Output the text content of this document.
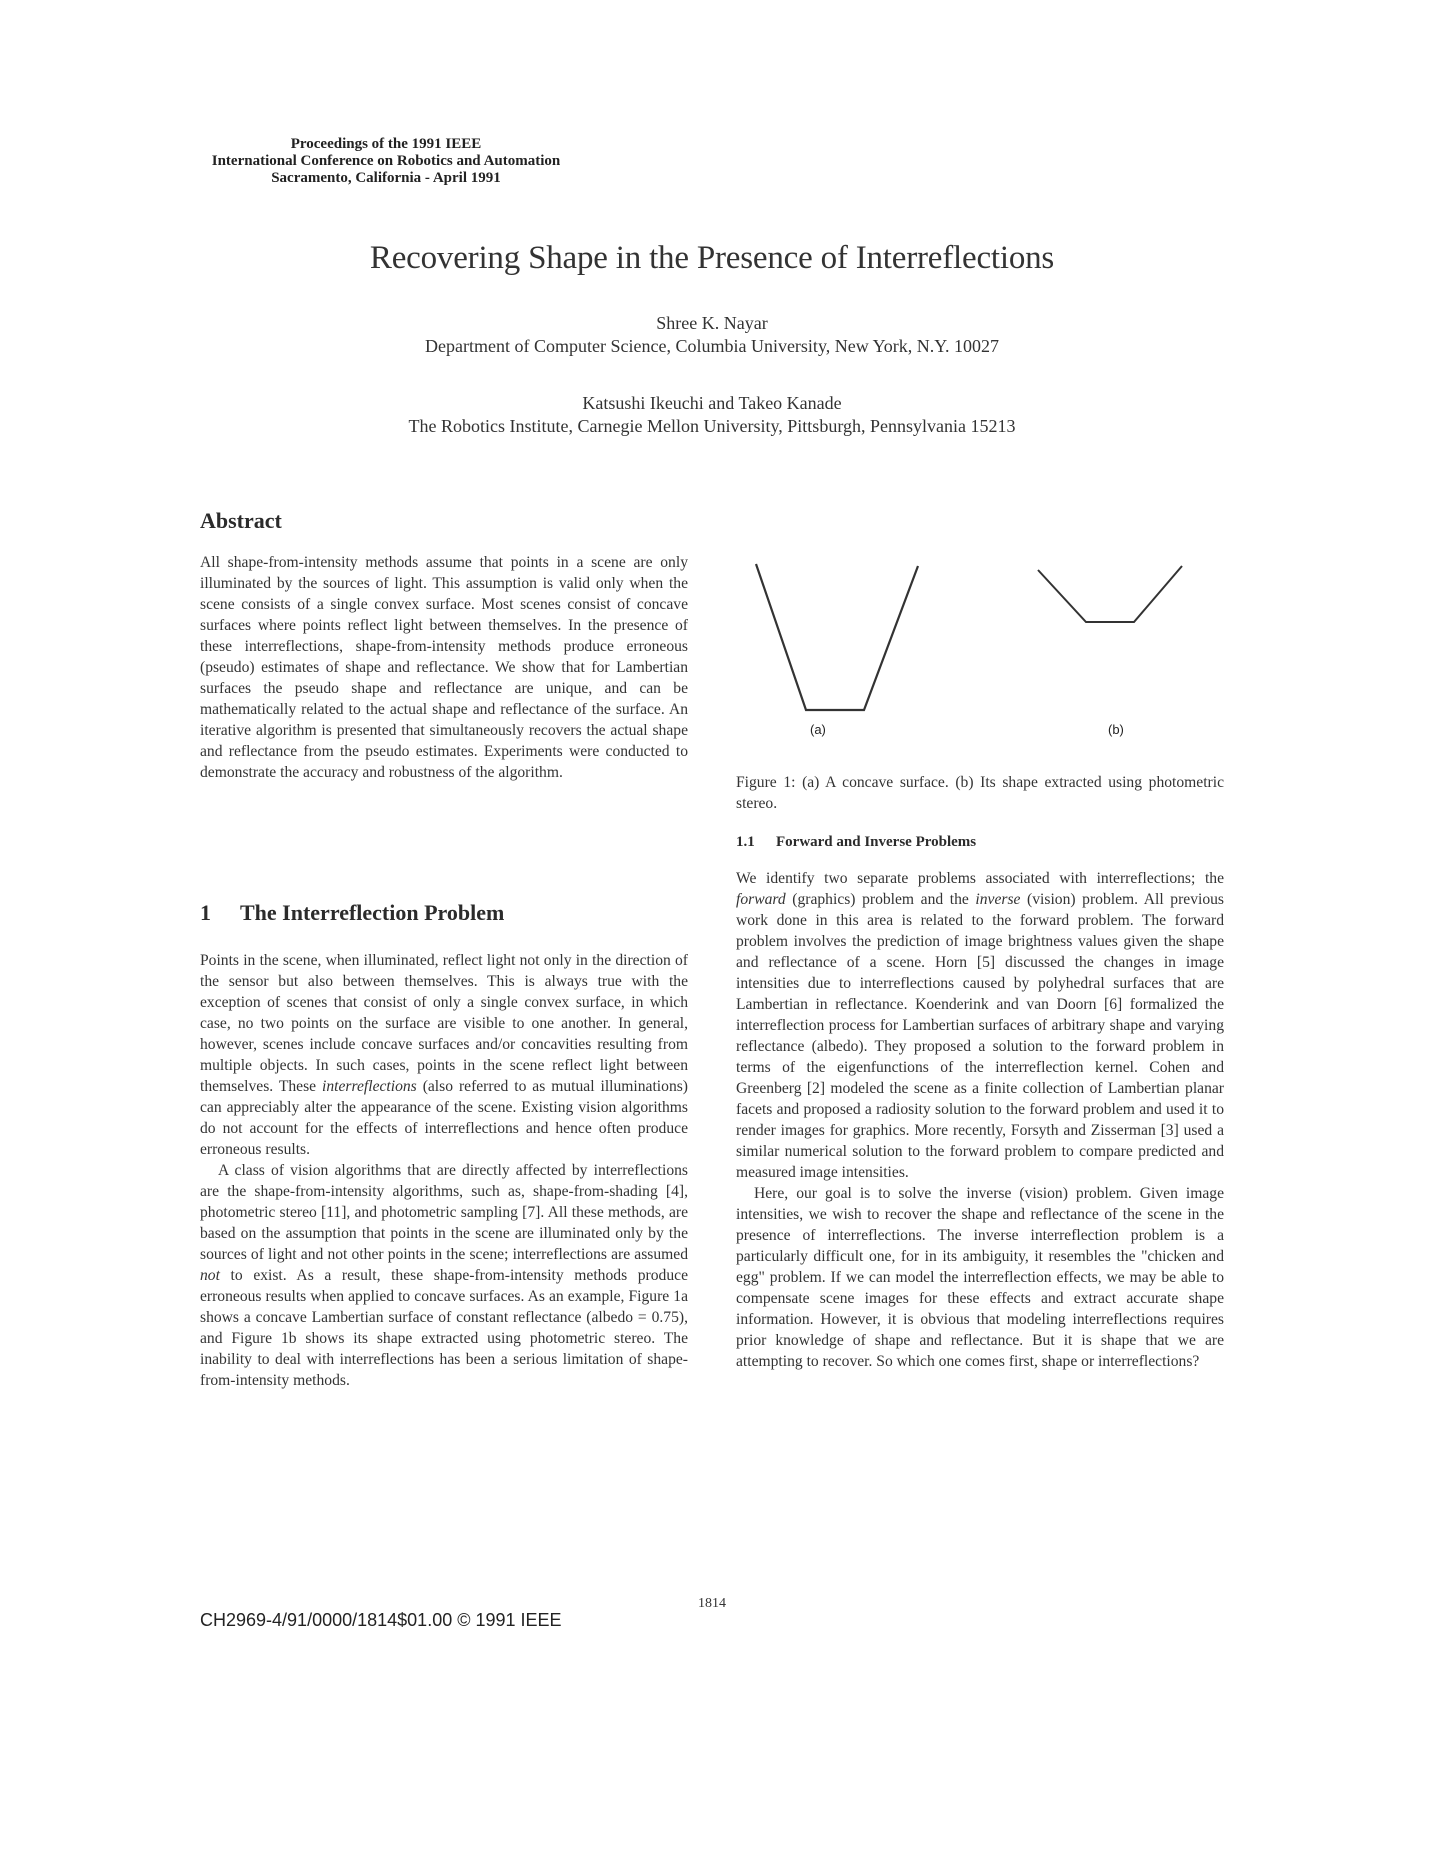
Proceedings of the 1991 IEEE
International Conference on Robotics and Automation
Sacramento, California - April 1991
Recovering Shape in the Presence of Interreflections
Shree K. Nayar
Department of Computer Science, Columbia University, New York, N.Y. 10027
Katsushi Ikeuchi and Takeo Kanade
The Robotics Institute, Carnegie Mellon University, Pittsburgh, Pennsylvania 15213
Abstract

All shape-from-intensity methods assume that points in a scene are only illuminated by the sources of light. This assumption is valid only when the scene consists of a single convex surface. Most scenes consist of concave surfaces where points reflect light between themselves. In the presence of these interreflections, shape-from-intensity methods produce erroneous (pseudo) estimates of shape and reflectance. We show that for Lambertian surfaces the pseudo shape and reflectance are unique, and can be mathematically related to the actual shape and reflectance of the surface. An iterative algorithm is presented that simultaneously recovers the actual shape and reflectance from the pseudo estimates. Experiments were conducted to demonstrate the accuracy and robustness of the algorithm.

1 The Interreflection Problem

Points in the scene, when illuminated, reflect light not only in the direction of the sensor but also between themselves. This is always true with the exception of scenes that consist of only a single convex surface, in which case, no two points on the surface are visible to one another. In general, however, scenes include concave surfaces and/or concavities resulting from multiple objects. In such cases, points in the scene reflect light between themselves. These interreflections (also referred to as mutual illuminations) can appreciably alter the appearance of the scene. Existing vision algorithms do not account for the effects of interreflections and hence often produce erroneous results.

A class of vision algorithms that are directly affected by interreflections are the shape-from-intensity algorithms, such as, shape-from-shading [4], photometric stereo [11], and photometric sampling [7]. All these methods, are based on the assumption that points in the scene are illuminated only by the sources of light and not other points in the scene; interreflections are assumed not to exist. As a result, these shape-from-intensity methods produce erroneous results when applied to concave surfaces. As an example, Figure 1a shows a concave Lambertian surface of constant reflectance (albedo = 0.75), and Figure 1b shows its shape extracted using photometric stereo. The inability to deal with interreflections has been a serious limitation of shape-from-intensity methods.

(a)	(b)
Figure 1: (a) A concave surface. (b) Its shape extracted using photometric stereo.
1.1 Forward and Inverse Problems

We identify two separate problems associated with interreflections; the forward (graphics) problem and the inverse (vision) problem. All previous work done in this area is related to the forward problem. The forward problem involves the prediction of image brightness values given the shape and reflectance of a scene. Horn [5] discussed the changes in image intensities due to interreflections caused by polyhedral surfaces that are Lambertian in reflectance. Koenderink and van Doorn [6] formalized the interreflection process for Lambertian surfaces of arbitrary shape and varying reflectance (albedo). They proposed a solution to the forward problem in terms of the eigenfunctions of the interreflection kernel. Cohen and Greenberg [2] modeled the scene as a finite collection of Lambertian planar facets and proposed a radiosity solution to the forward problem and used it to render images for graphics. More recently, Forsyth and Zisserman [3] used a similar numerical solution to the forward problem to compare predicted and measured image intensities.

Here, our goal is to solve the inverse (vision) problem. Given image intensities, we wish to recover the shape and reflectance of the scene in the presence of interreflections. The inverse interreflection problem is a particularly difficult one, for in its ambiguity, it resembles the "chicken and egg" problem. If we can model the interreflection effects, we may be able to compensate scene images for these effects and extract accurate shape information. However, it is obvious that modeling interreflections requires prior knowledge of shape and reflectance. But it is shape that we are attempting to recover. So which one comes first, shape or interreflections?

1814
CH2969-4/91/0000/1814$01.00 © 1991 IEEE
